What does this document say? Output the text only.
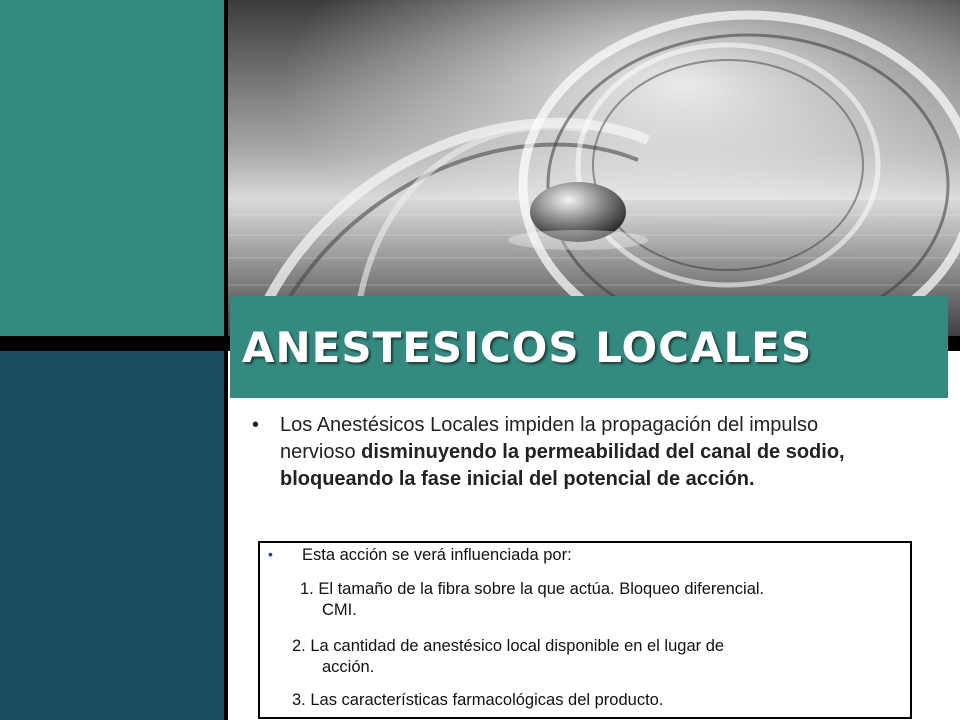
ANESTESICOS LOCALES
• Los Anestésicos Locales impiden la propagación del impulso nervioso disminuyendo la permeabilidad del canal de sodio, bloqueando la fase inicial del potencial de acción.
• Esta acción se verá influenciada por:
1. El tamaño de la fibra sobre la que actúa. Bloqueo diferencial.
CMI.
2. La cantidad de anestésico local disponible en el lugar de
acción.
3. Las características farmacológicas del producto.
